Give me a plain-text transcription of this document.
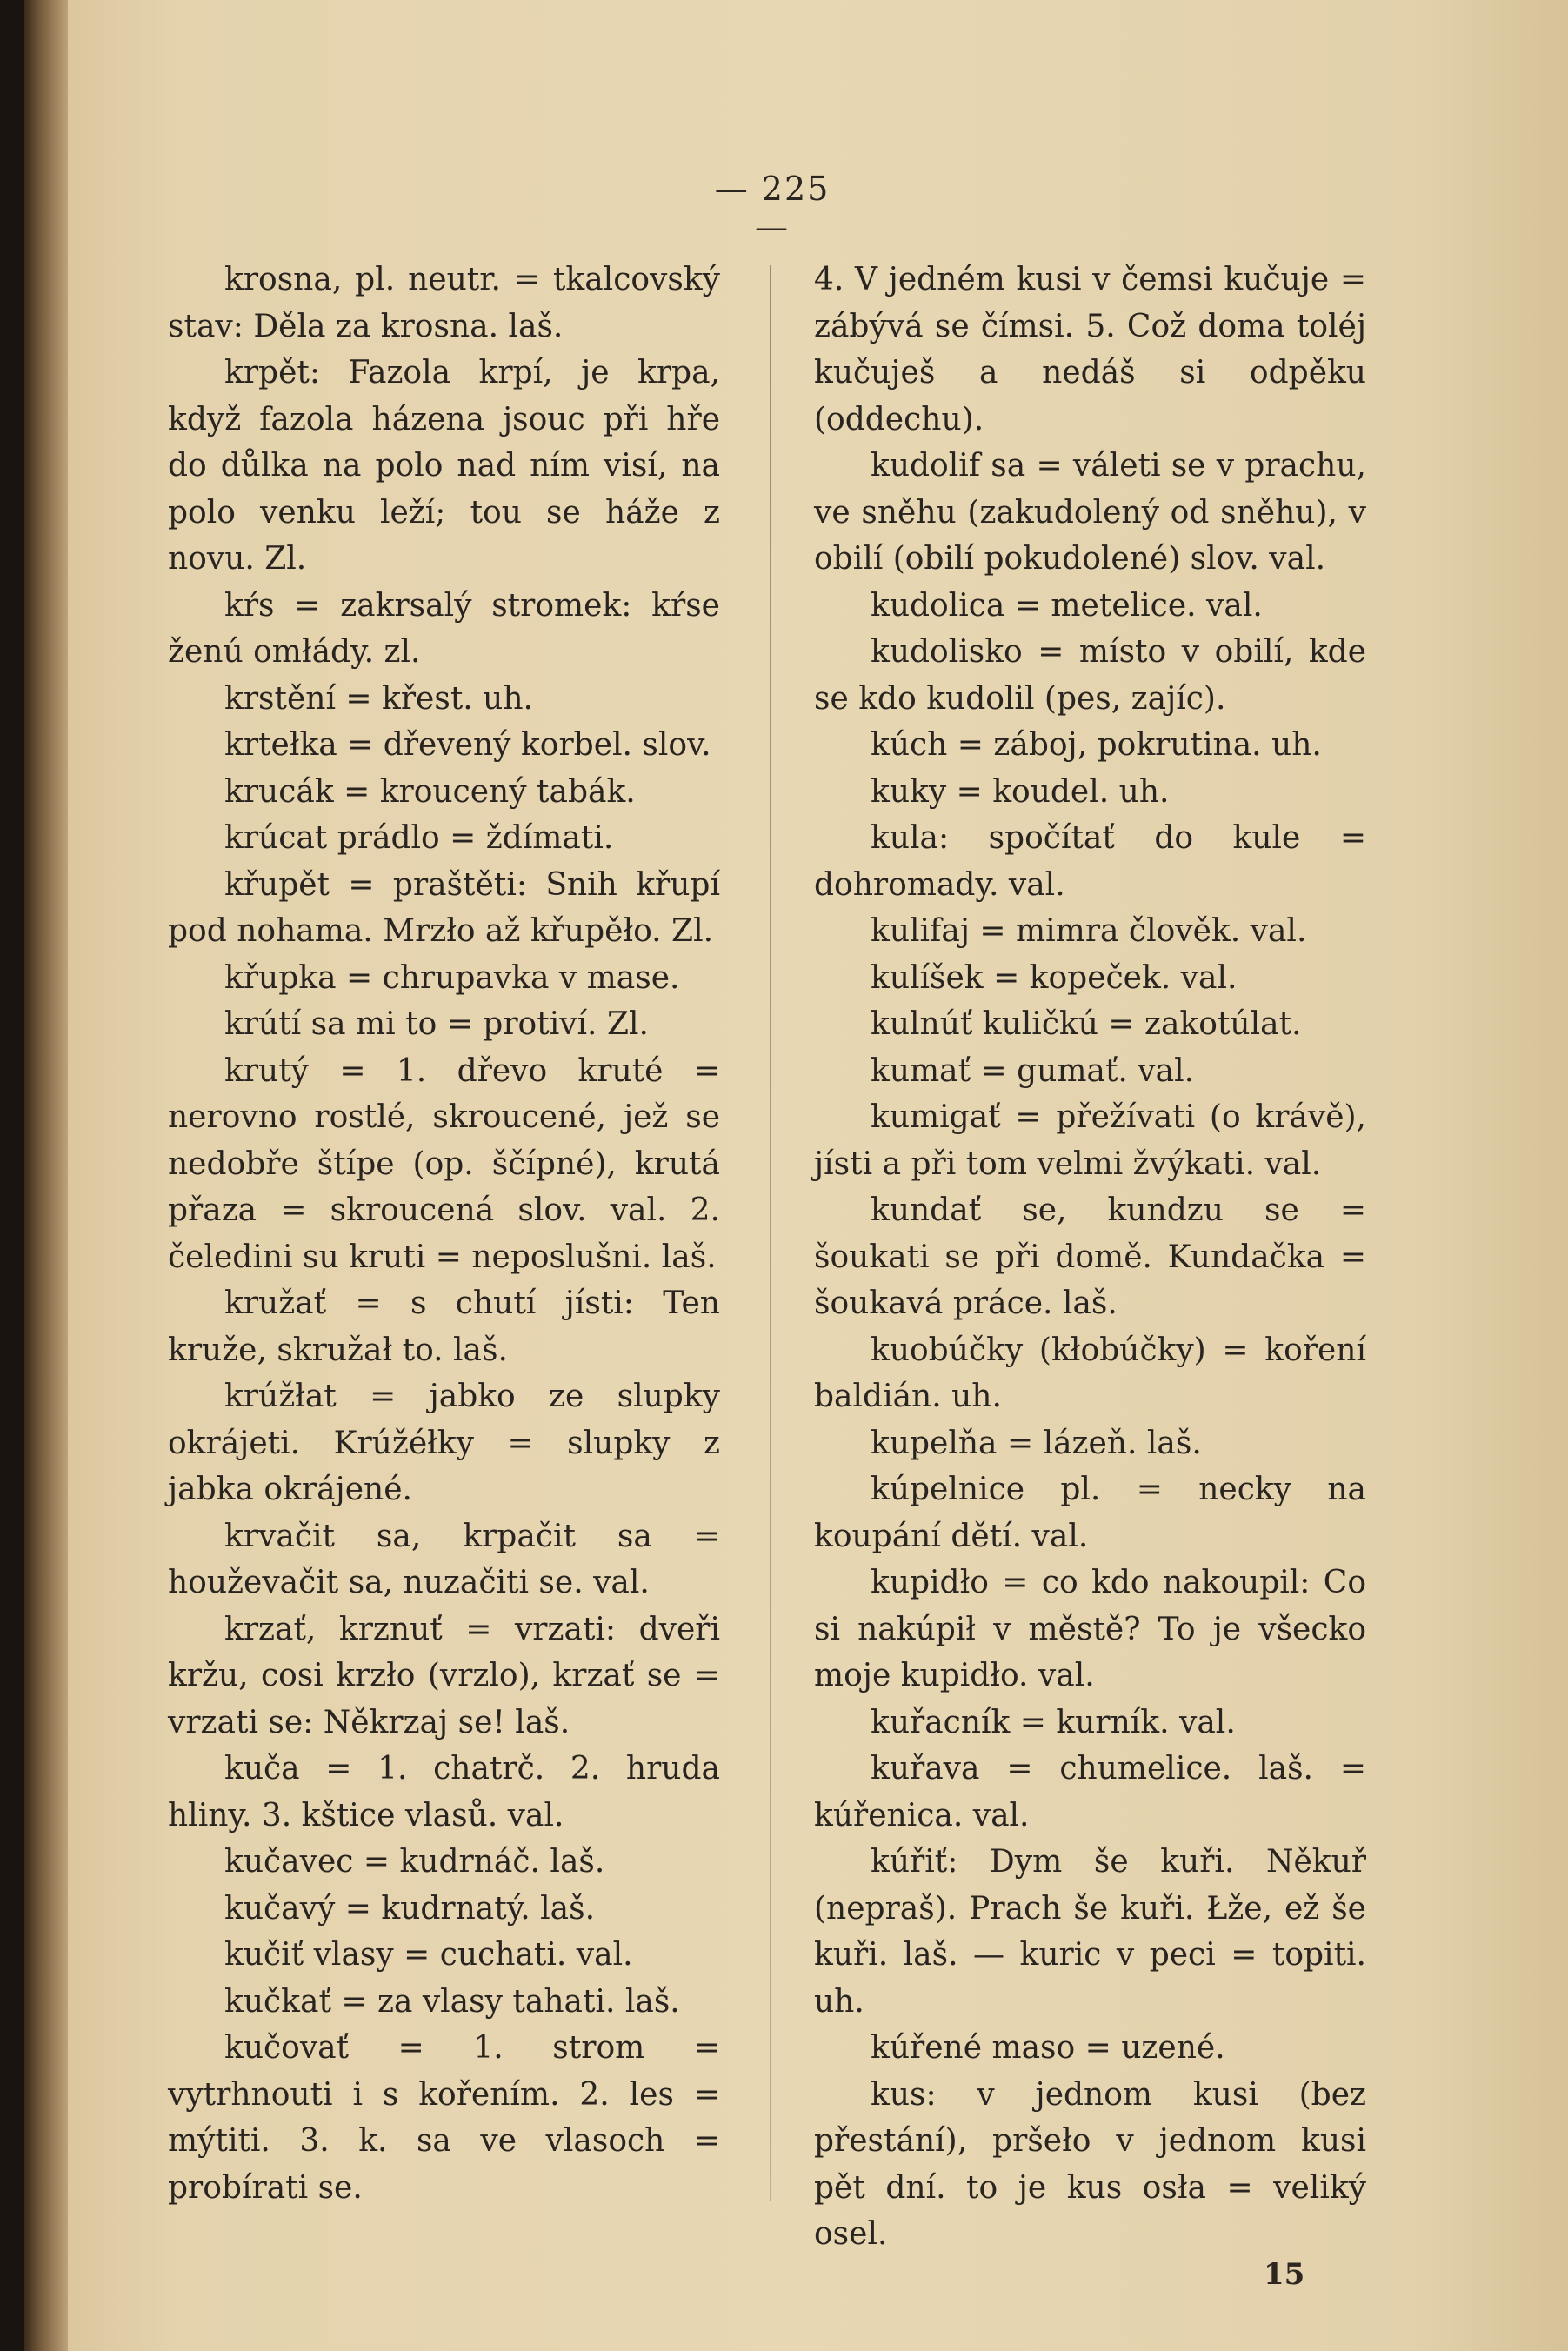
— 225 —

krosna, pl. neutr. = tkalcovský stav: Děla za krosna. laš.

krpět: Fazola krpí, je krpa, když fazola házena jsouc při hře do důlka na polo nad ním visí, na polo venku leží; tou se háže z novu. Zl.

kŕs = zakrsalý stromek: kŕse ženú omłády. zl.

krstění = křest. uh.

krtełka = dřevený korbel. slov.

krucák = kroucený tabák.

krúcat prádlo = ždímati.

křupět = praštěti: Snih křupí pod nohama. Mrzło až křupěło. Zl.

křupka = chrupavka v mase.

krútí sa mi to = protiví. Zl.

krutý = 1. dřevo kruté = nerovno rostlé, skroucené, jež se nedobře štípe (op. ščípné), krutá přaza = skroucená slov. val. 2. čeledini su kruti = neposlušni. laš.

kružať = s chutí jísti: Ten kruže, skružał to. laš.

krúžłat = jabko ze slupky okrájeti. Krúžéłky = slupky z jabka okrájené.

krvačit sa, krpačit sa = houževačit sa, nuzačiti se. val.

krzať, krznuť = vrzati: dveři kržu, cosi krzło (vrzlo), krzať se = vrzati se: Někrzaj se! laš.

kuča = 1. chatrč. 2. hruda hliny. 3. kštice vlasů. val.

kučavec = kudrnáč. laš.

kučavý = kudrnatý. laš.

kučiť vlasy = cuchati. val.

kučkať = za vlasy tahati. laš.

kučovať = 1. strom = vytrhnouti i s kořením. 2. les = mýtiti. 3. k. sa ve vlasoch = probírati se.

4. V jedném kusi v čemsi kučuje = zábývá se čímsi. 5. Což doma toléj kučuješ a nedáš si odpěku (oddechu).

kudolif sa = váleti se v prachu, ve sněhu (zakudolený od sněhu), v obilí (obilí pokudolené) slov. val.

kudolica = metelice. val.

kudolisko = místo v obilí, kde se kdo kudolil (pes, zajíc).

kúch = záboj, pokrutina. uh.

kuky = koudel. uh.

kula: spočítať do kule = dohromady. val.

kulifaj = mimra člověk. val.

kulíšek = kopeček. val.

kulnúť kuličkú = zakotúlat.

kumať = gumať. val.

kumigať = přežívati (o krávě), jísti a při tom velmi žvýkati. val.

kundať se, kundzu se = šoukati se při domě. Kundačka = šoukavá práce. laš.

kuobúčky (kłobúčky) = koření baldián. uh.

kupelňa = lázeň. laš.

kúpelnice pl. = necky na koupání dětí. val.

kupidło = co kdo nakoupil: Co si nakúpił v městě? To je všecko moje kupidło. val.

kuřacník = kurník. val.

kuřava = chumelice. laš. = kúřenica. val.

kúřiť: Dym še kuři. Někuř (nepraš). Prach še kuři. Łže, ež še kuři. laš. — kuric v peci = topiti. uh.

kúřené maso = uzené.

kus: v jednom kusi (bez přestání), pršeło v jednom kusi pět dní. to je kus osła = veliký osel.

15
